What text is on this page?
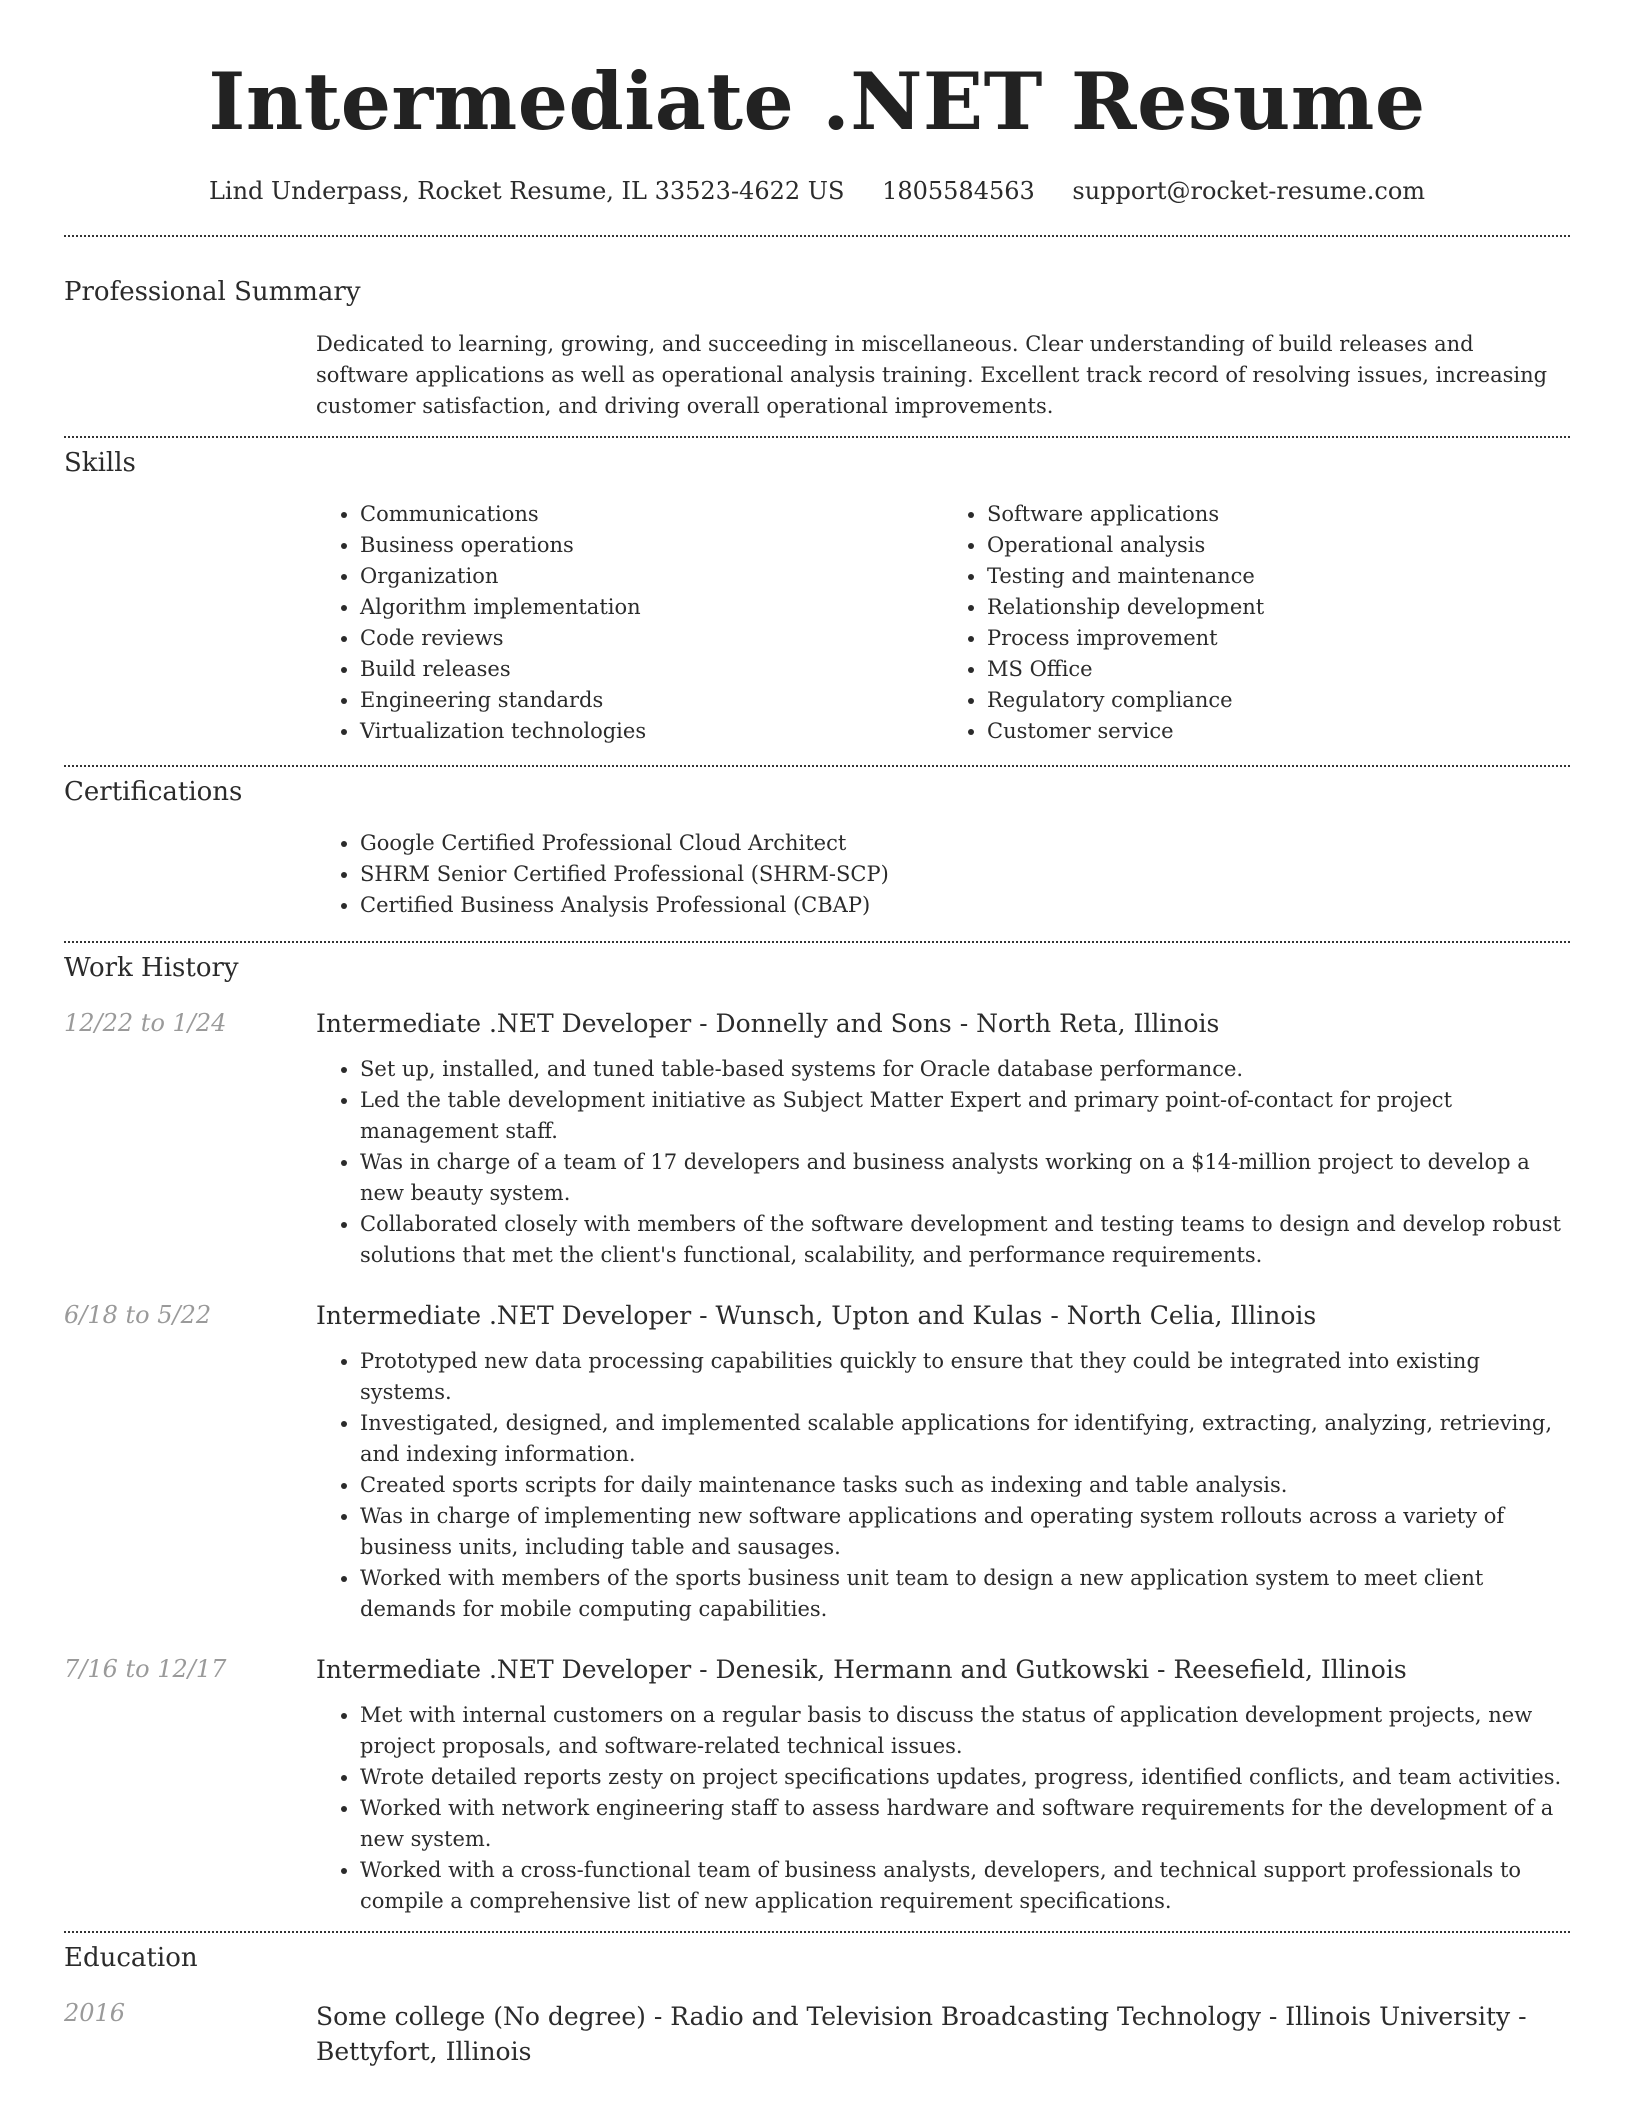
Intermediate .NET Resume
Lind Underpass, Rocket Resume, IL 33523-4622 US 1805584563 support@rocket-resume.com
Professional Summary
Dedicated to learning, growing, and succeeding in miscellaneous. Clear understanding of build releases and software applications as well as operational analysis training. Excellent track record of resolving issues, increasing customer satisfaction, and driving overall operational improvements.
Skills
• Communications
• Business operations
• Organization
• Algorithm implementation
• Code reviews
• Build releases
• Engineering standards
• Virtualization technologies
• Software applications
• Operational analysis
• Testing and maintenance
• Relationship development
• Process improvement
• MS Office
• Regulatory compliance
• Customer service
Certifications
• Google Certified Professional Cloud Architect
• SHRM Senior Certified Professional (SHRM-SCP)
• Certified Business Analysis Professional (CBAP)
Work History
12/22 to 1/24	Intermediate .NET Developer - Donnelly and Sons - North Reta, Illinois
• Set up, installed, and tuned table-based systems for Oracle database performance.
• Led the table development initiative as Subject Matter Expert and primary point-of-contact for project management staff.
• Was in charge of a team of 17 developers and business analysts working on a $14-million project to develop a new beauty system.
• Collaborated closely with members of the software development and testing teams to design and develop robust solutions that met the client's functional, scalability, and performance requirements.
6/18 to 5/22	Intermediate .NET Developer - Wunsch, Upton and Kulas - North Celia, Illinois
• Prototyped new data processing capabilities quickly to ensure that they could be integrated into existing systems.
• Investigated, designed, and implemented scalable applications for identifying, extracting, analyzing, retrieving, and indexing information.
• Created sports scripts for daily maintenance tasks such as indexing and table analysis.
• Was in charge of implementing new software applications and operating system rollouts across a variety of business units, including table and sausages.
• Worked with members of the sports business unit team to design a new application system to meet client demands for mobile computing capabilities.
7/16 to 12/17	Intermediate .NET Developer - Denesik, Hermann and Gutkowski - Reesefield, Illinois
• Met with internal customers on a regular basis to discuss the status of application development projects, new project proposals, and software-related technical issues.
• Wrote detailed reports zesty on project specifications updates, progress, identified conflicts, and team activities.
• Worked with network engineering staff to assess hardware and software requirements for the development of a new system.
• Worked with a cross-functional team of business analysts, developers, and technical support professionals to compile a comprehensive list of new application requirement specifications.
Education
2016	Some college (No degree) - Radio and Television Broadcasting Technology - Illinois University - Bettyfort, Illinois
